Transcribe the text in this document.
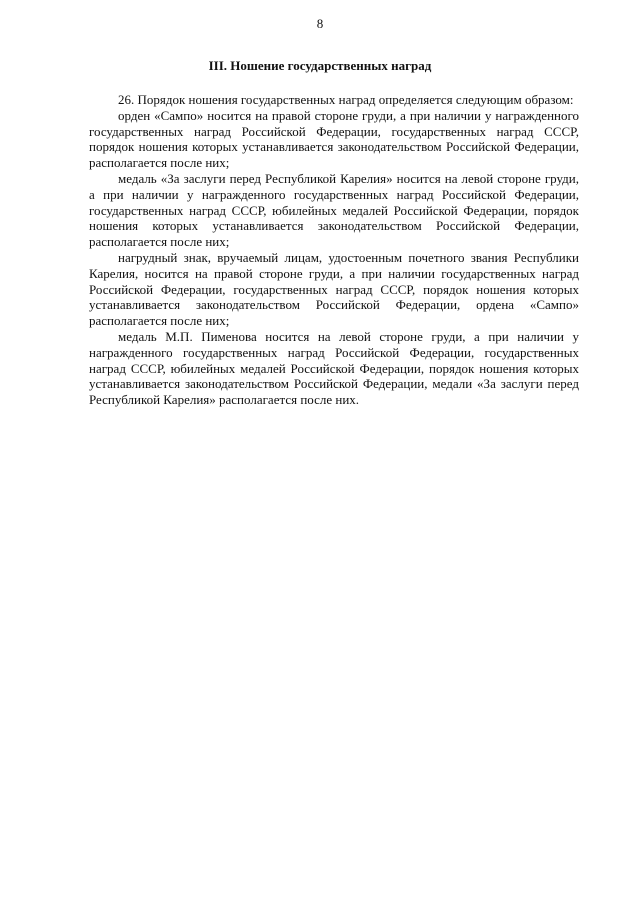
8
III. Ношение государственных наград

26. Порядок ношения государственных наград определяется следующим образом:

орден «Сампо» носится на правой стороне груди, а при наличии у награжденного государственных наград Российской Федерации, государственных наград СССР, порядок ношения которых устанавливается законодательством Российской Федерации, располагается после них;

медаль «За заслуги перед Республикой Карелия» носится на левой стороне груди, а при наличии у награжденного государственных наград Российской Федерации, государственных наград СССР, юбилейных медалей Российской Федерации, порядок ношения которых устанавливается законодательством Российской Федерации, располагается после них;

нагрудный знак, вручаемый лицам, удостоенным почетного звания Республики Карелия, носится на правой стороне груди, а при наличии государственных наград Российской Федерации, государственных наград СССР, порядок ношения которых устанавливается законодательством Российской Федерации, ордена «Сампо» располагается после них;

медаль М.П. Пименова носится на левой стороне груди, а при наличии у награжденного государственных наград Российской Федерации, государственных наград СССР, юбилейных медалей Российской Федерации, порядок ношения которых устанавливается законодательством Российской Федерации, медали «За заслуги перед Республикой Карелия» располагается после них.
